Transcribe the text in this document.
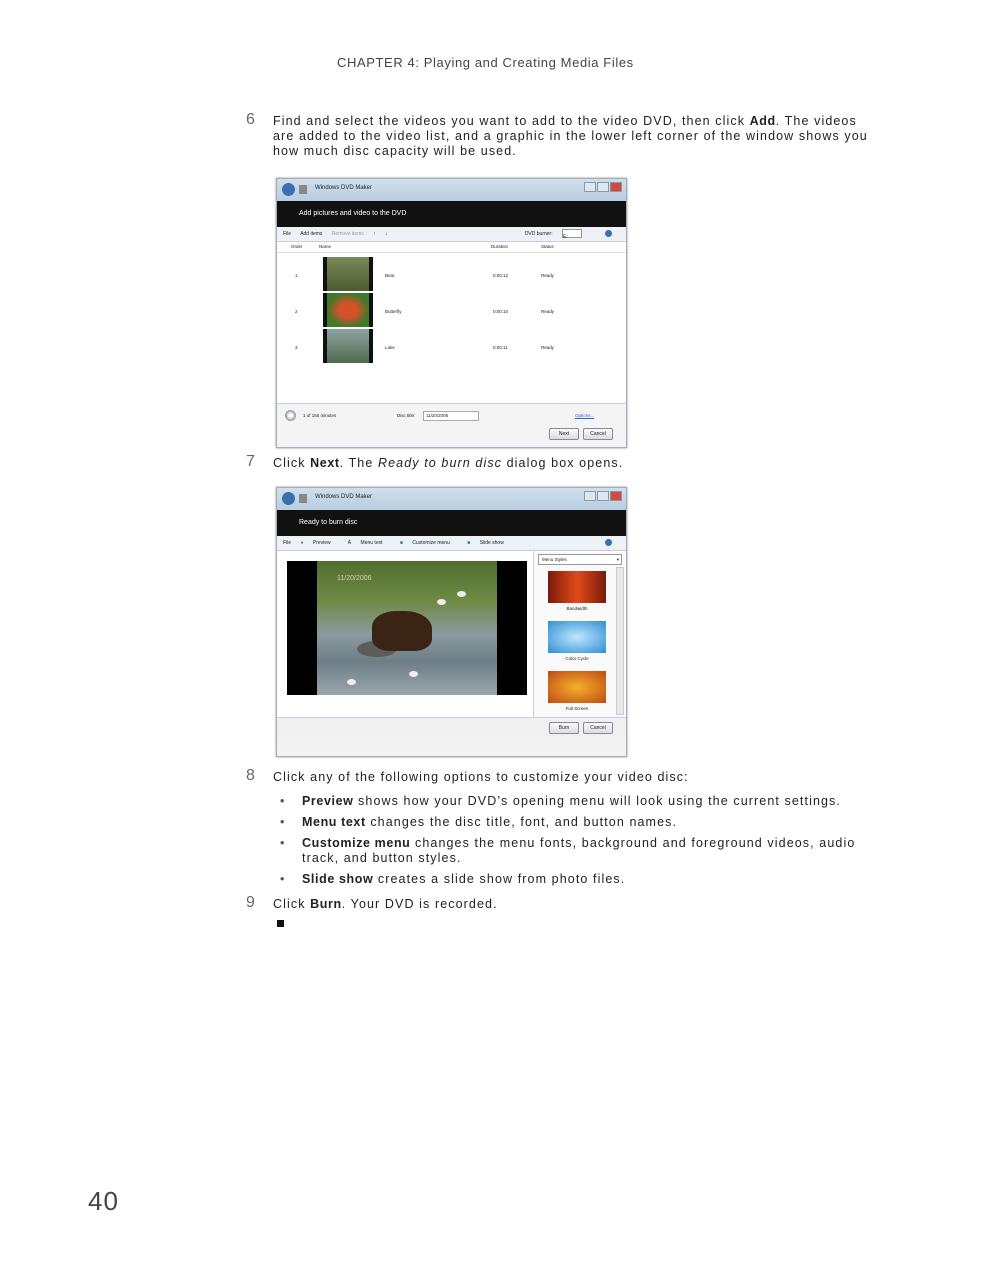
CHAPTER 4: Playing and Creating Media Files
6 Find and select the videos you want to add to the video DVD, then click Add. The videos are added to the video list, and a graphic in the lower left corner of the window shows you how much disc capacity will be used.
Windows DVD Maker
Add pictures and video to the DVD
File Add items Remove items ↑ ↓	DVD burner: E:
Order	Name	Duration	Status
1	Bear	0:00:12	Ready
2	Butterfly	0:00:10	Ready
3	Lake	0:00:11	Ready
1 of 150 minutes	Disc title:	11/20/2006	Options...
Next	Cancel
7 Click Next. The Ready to burn disc dialog box opens.
Windows DVD Maker
Ready to burn disc
File ● Preview	A Menu text	■ Customize menu	■ Slide show
11/20/2006
Menu Styles	▾
Bandwidth
Color Cycle
Full Screen
Burn	Cancel
8 Click any of the following options to customize your video disc:
• Preview shows how your DVD’s opening menu will look using the current settings.
• Menu text changes the disc title, font, and button names.
• Customize menu changes the menu fonts, background and foreground videos, audio track, and button styles.
• Slide show creates a slide show from photo files.
9 Click Burn. Your DVD is recorded.
40
